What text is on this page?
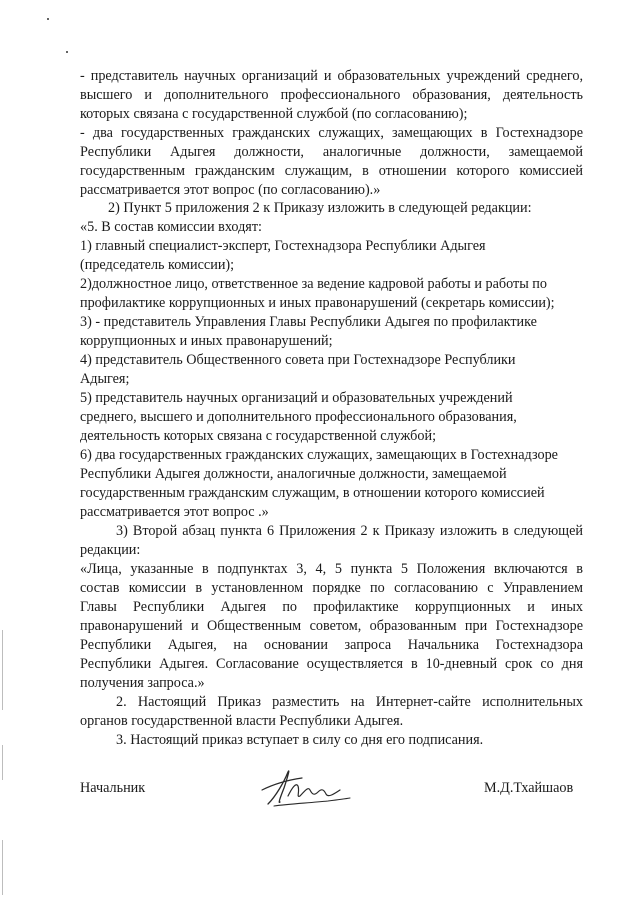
- представитель научных организаций и образовательных учреждений среднего,
высшего и дополнительного профессионального образования, деятельность
которых связана с государственной службой (по согласованию);
- два государственных гражданских служащих, замещающих в Гостехнадзоре
Республики Адыгея должности, аналогичные должности, замещаемой
государственным гражданским служащим, в отношении которого комиссией
рассматривается этот вопрос (по согласованию).»
2) Пункт 5 приложения 2 к Приказу изложить в следующей редакции:
«5. В состав комиссии входят:
1) главный специалист-эксперт, Гостехнадзора Республики Адыгея
(председатель комиссии);
2)должностное лицо, ответственное за ведение кадровой работы и работы по
профилактике коррупционных и иных правонарушений (секретарь комиссии);
3) - представитель Управления Главы Республики Адыгея по профилактике
коррупционных и иных правонарушений;
4) представитель Общественного совета при Гостехнадзоре Республики
Адыгея;
5) представитель научных организаций и образовательных учреждений
среднего, высшего и дополнительного профессионального образования,
деятельность которых связана с государственной службой;
6) два государственных гражданских служащих, замещающих в Гостехнадзоре
Республики Адыгея должности, аналогичные должности, замещаемой
государственным гражданским служащим, в отношении которого комиссией
рассматривается этот вопрос .»
3) Второй абзац пункта 6 Приложения 2 к Приказу изложить в следующей
редакции:
«Лица, указанные в подпунктах 3, 4, 5 пункта 5 Положения включаются в
состав комиссии в установленном порядке по согласованию с Управлением
Главы Республики Адыгея по профилактике коррупционных и иных
правонарушений и Общественным советом, образованным при Гостехнадзоре
Республики Адыгея, на основании запроса Начальника Гостехнадзора
Республики Адыгея. Согласование осуществляется в 10-дневный срок со дня
получения запроса.»
2. Настоящий Приказ разместить на Интернет-сайте исполнительных
органов государственной власти Республики Адыгея.
3. Настоящий приказ вступает в силу со дня его подписания.
Начальник	М.Д.Тхайшаов
